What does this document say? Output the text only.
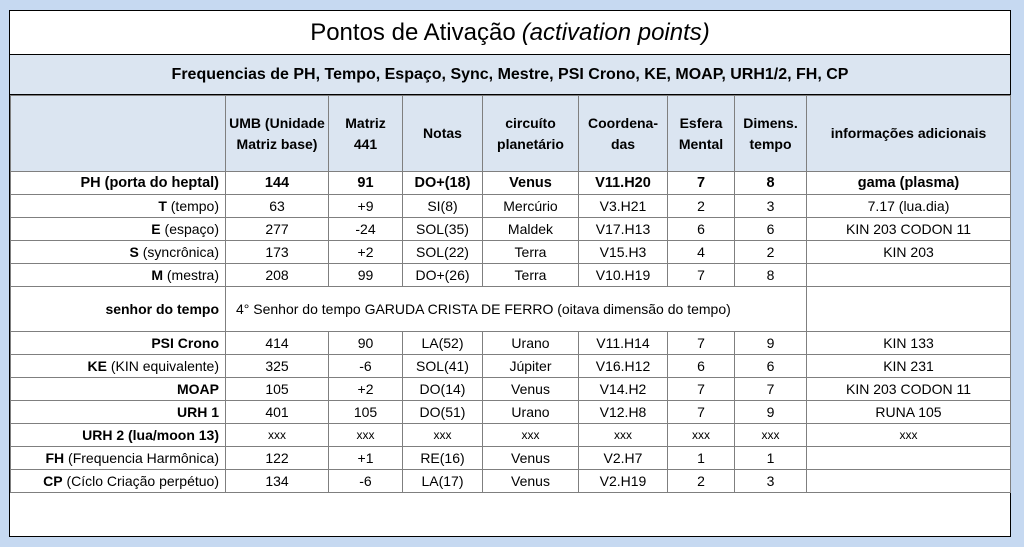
Pontos de Ativação (activation points)
Frequencias de PH, Tempo, Espaço, Sync, Mestre, PSI Crono, KE, MOAP, URH1/2, FH, CP
	UMB (Unidade Matriz base)	Matriz 441	Notas	circuíto planetário	Coordena-das	Esfera Mental	Dimens. tempo	informações adicionais
PH (porta do heptal)	144	91	DO+(18)	Venus	V11.H20	7	8	gama (plasma)
T (tempo)	63	+9	SI(8)	Mercúrio	V3.H21	2	3	7.17 (lua.dia)
E (espaço)	277	-24	SOL(35)	Maldek	V17.H13	6	6	KIN 203 CODON 11
S (syncrônica)	173	+2	SOL(22)	Terra	V15.H3	4	2	KIN 203
M (mestra)	208	99	DO+(26)	Terra	V10.H19	7	8	
senhor do tempo	4° Senhor do tempo GARUDA CRISTA DE FERRO (oitava dimensão do tempo)							
PSI Crono	414	90	LA(52)	Urano	V11.H14	7	9	KIN 133
KE (KIN equivalente)	325	-6	SOL(41)	Júpiter	V16.H12	6	6	KIN 231
MOAP	105	+2	DO(14)	Venus	V14.H2	7	7	KIN 203 CODON 11
URH 1	401	105	DO(51)	Urano	V12.H8	7	9	RUNA 105
URH 2 (lua/moon 13)	xxx	xxx	xxx	xxx	xxx	xxx	xxx	xxx
FH (Frequencia Harmônica)	122	+1	RE(16)	Venus	V2.H7	1	1	
CP (Cíclo Criação perpétuo)	134	-6	LA(17)	Venus	V2.H19	2	3	
